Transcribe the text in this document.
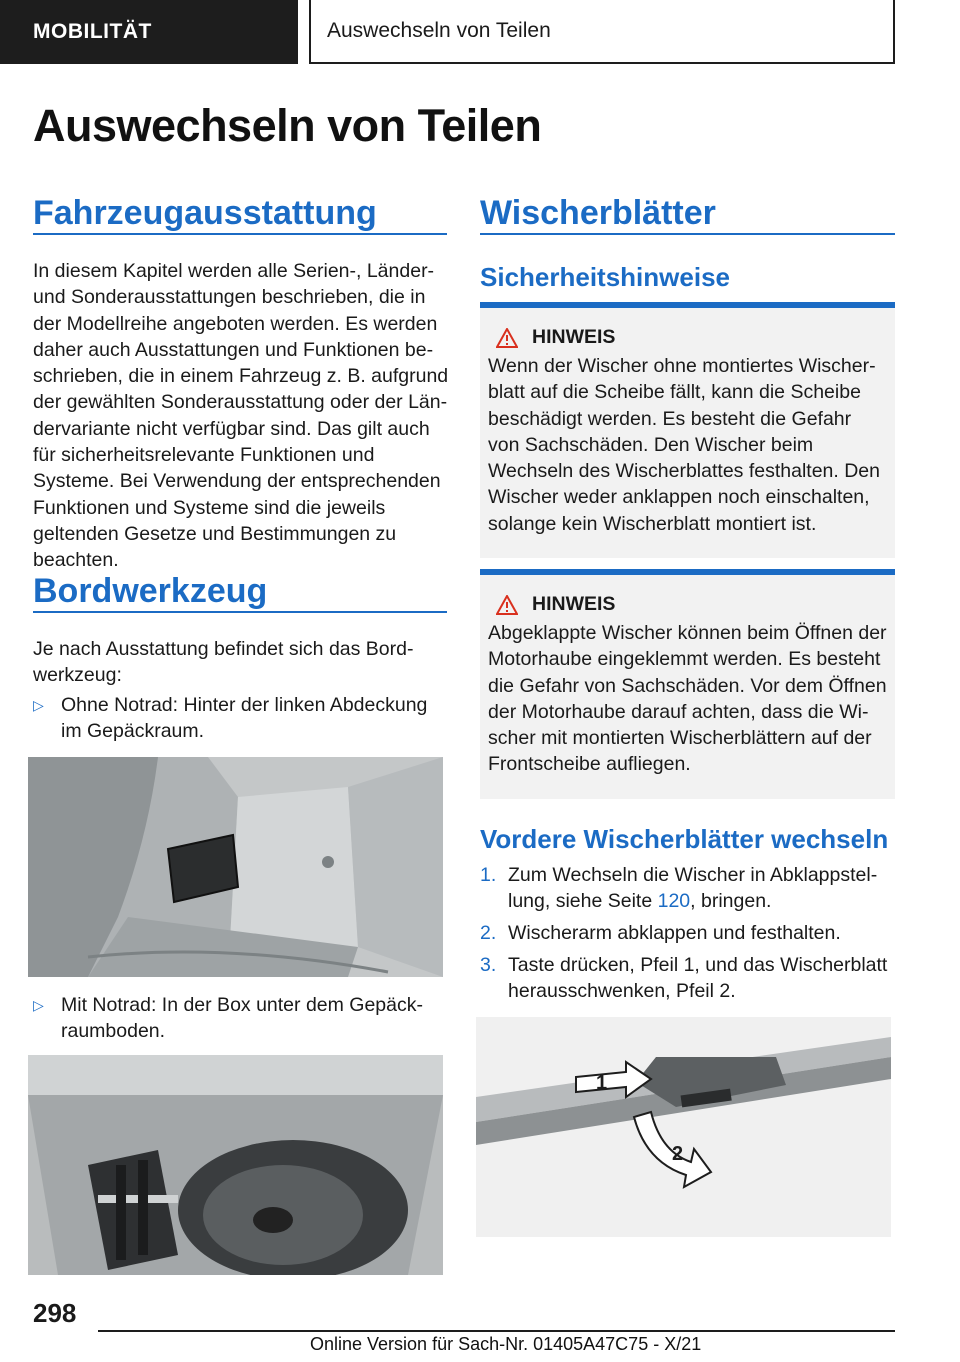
MOBILITÄT	Auswechseln von Teilen
Auswechseln von Teilen
Fahrzeugausstattung

In diesem Kapitel werden alle Serien-, Länder- und Sonderausstattungen beschrieben, die in der Modellreihe angeboten werden. Es werden daher auch Ausstattungen und Funktionen beschrieben, die in einem Fahrzeug z. B. aufgrund der gewählten Sonderausstattung oder der Ländervariante nicht verfügbar sind. Das gilt auch für sicherheitsrelevante Funktionen und Systeme. Bei Verwendung der entsprechenden Funktionen und Systeme sind die jeweils geltenden Gesetze und Bestimmungen zu beachten.

Bordwerkzeug

Je nach Ausstattung befindet sich das Bordwerkzeug:

▷ Ohne Notrad: Hinter der linken Abdeckung im Gepäckraum.
▷ Mit Notrad: In der Box unter dem Gepäckraumboden.
Wischerblätter
Sicherheitshinweise
HINWEIS
Wenn der Wischer ohne montiertes Wischerblatt auf die Scheibe fällt, kann die Scheibe beschädigt werden. Es besteht die Gefahr von Sachschäden. Den Wischer beim Wechseln des Wischerblattes festhalten. Den Wischer weder anklappen noch einschalten, solange kein Wischerblatt montiert ist.
HINWEIS
Abgeklappte Wischer können beim Öffnen der Motorhaube eingeklemmt werden. Es besteht die Gefahr von Sachschäden. Vor dem Öffnen der Motorhaube darauf achten, dass die Wischer mit montierten Wischerblättern auf der Frontscheibe aufliegen.
Vordere Wischerblätter wechseln
1. Zum Wechseln die Wischer in Abklappstellung, siehe Seite 120, bringen.
2. Wischerarm abklappen und festhalten.
3. Taste drücken, Pfeil 1, und das Wischerblatt herausschwenken, Pfeil 2.
1
2
298
Online Version für Sach-Nr. 01405A47C75 - X/21
